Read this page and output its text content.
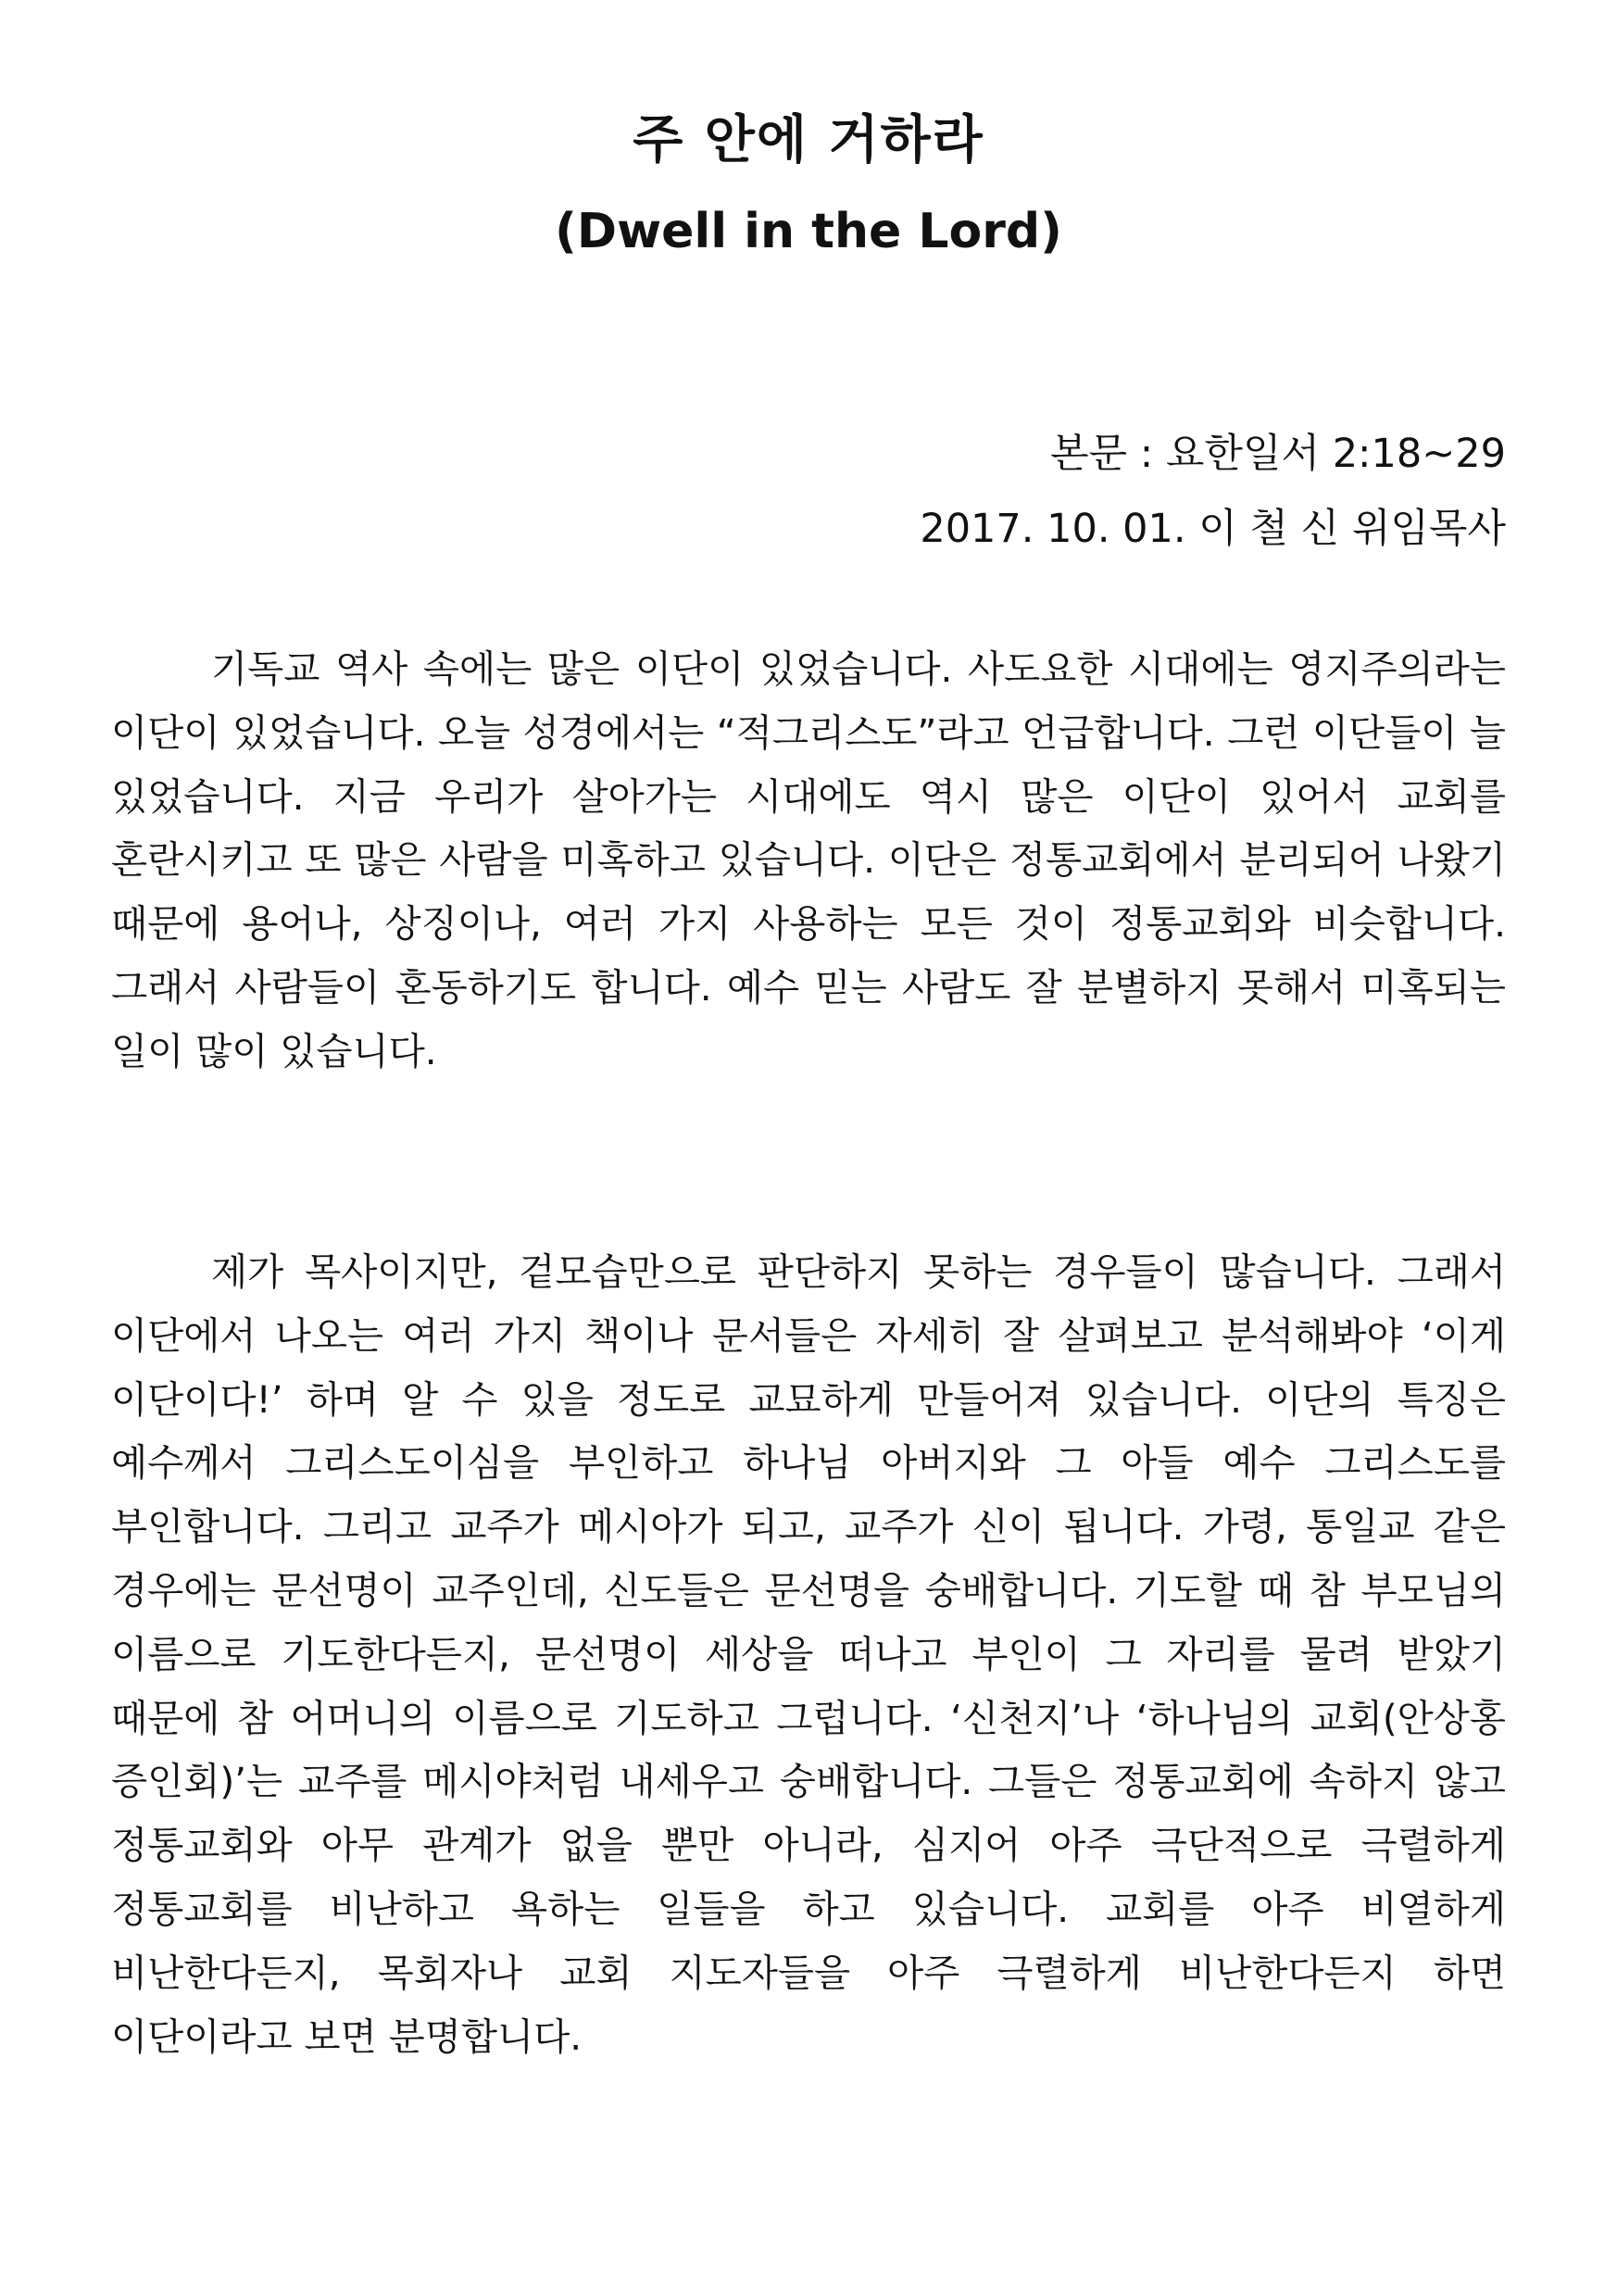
주 안에 거하라
(Dwell in the Lord)

본문 : 요한일서 2:18~29

2017. 10. 01. 이 철 신 위임목사

기독교 역사 속에는 많은 이단이 있었습니다. 사도요한 시대에는 영지주의라는 이단이 있었습니다. 오늘 성경에서는 “적그리스도”라고 언급합니다. 그런 이단들이 늘 있었습니다. 지금 우리가 살아가는 시대에도 역시 많은 이단이 있어서 교회를 혼란시키고 또 많은 사람을 미혹하고 있습니다. 이단은 정통교회에서 분리되어 나왔기 때문에 용어나, 상징이나, 여러 가지 사용하는 모든 것이 정통교회와 비슷합니다. 그래서 사람들이 혼동하기도 합니다. 예수 믿는 사람도 잘 분별하지 못해서 미혹되는 일이 많이 있습니다.

제가 목사이지만, 겉모습만으로 판단하지 못하는 경우들이 많습니다. 그래서 이단에서 나오는 여러 가지 책이나 문서들은 자세히 잘 살펴보고 분석해봐야 ‘이게 이단이다!’ 하며 알 수 있을 정도로 교묘하게 만들어져 있습니다. 이단의 특징은 예수께서 그리스도이심을 부인하고 하나님 아버지와 그 아들 예수 그리스도를 부인합니다. 그리고 교주가 메시아가 되고, 교주가 신이 됩니다. 가령, 통일교 같은 경우에는 문선명이 교주인데, 신도들은 문선명을 숭배합니다. 기도할 때 참 부모님의 이름으로 기도한다든지, 문선명이 세상을 떠나고 부인이 그 자리를 물려 받았기 때문에 참 어머니의 이름으로 기도하고 그럽니다. ‘신천지’나 ‘하나님의 교회(안상홍 증인회)’는 교주를 메시야처럼 내세우고 숭배합니다. 그들은 정통교회에 속하지 않고 정통교회와 아무 관계가 없을 뿐만 아니라, 심지어 아주 극단적으로 극렬하게 정통교회를 비난하고 욕하는 일들을 하고 있습니다. 교회를 아주 비열하게 비난한다든지, 목회자나 교회 지도자들을 아주 극렬하게 비난한다든지 하면 이단이라고 보면 분명합니다.
